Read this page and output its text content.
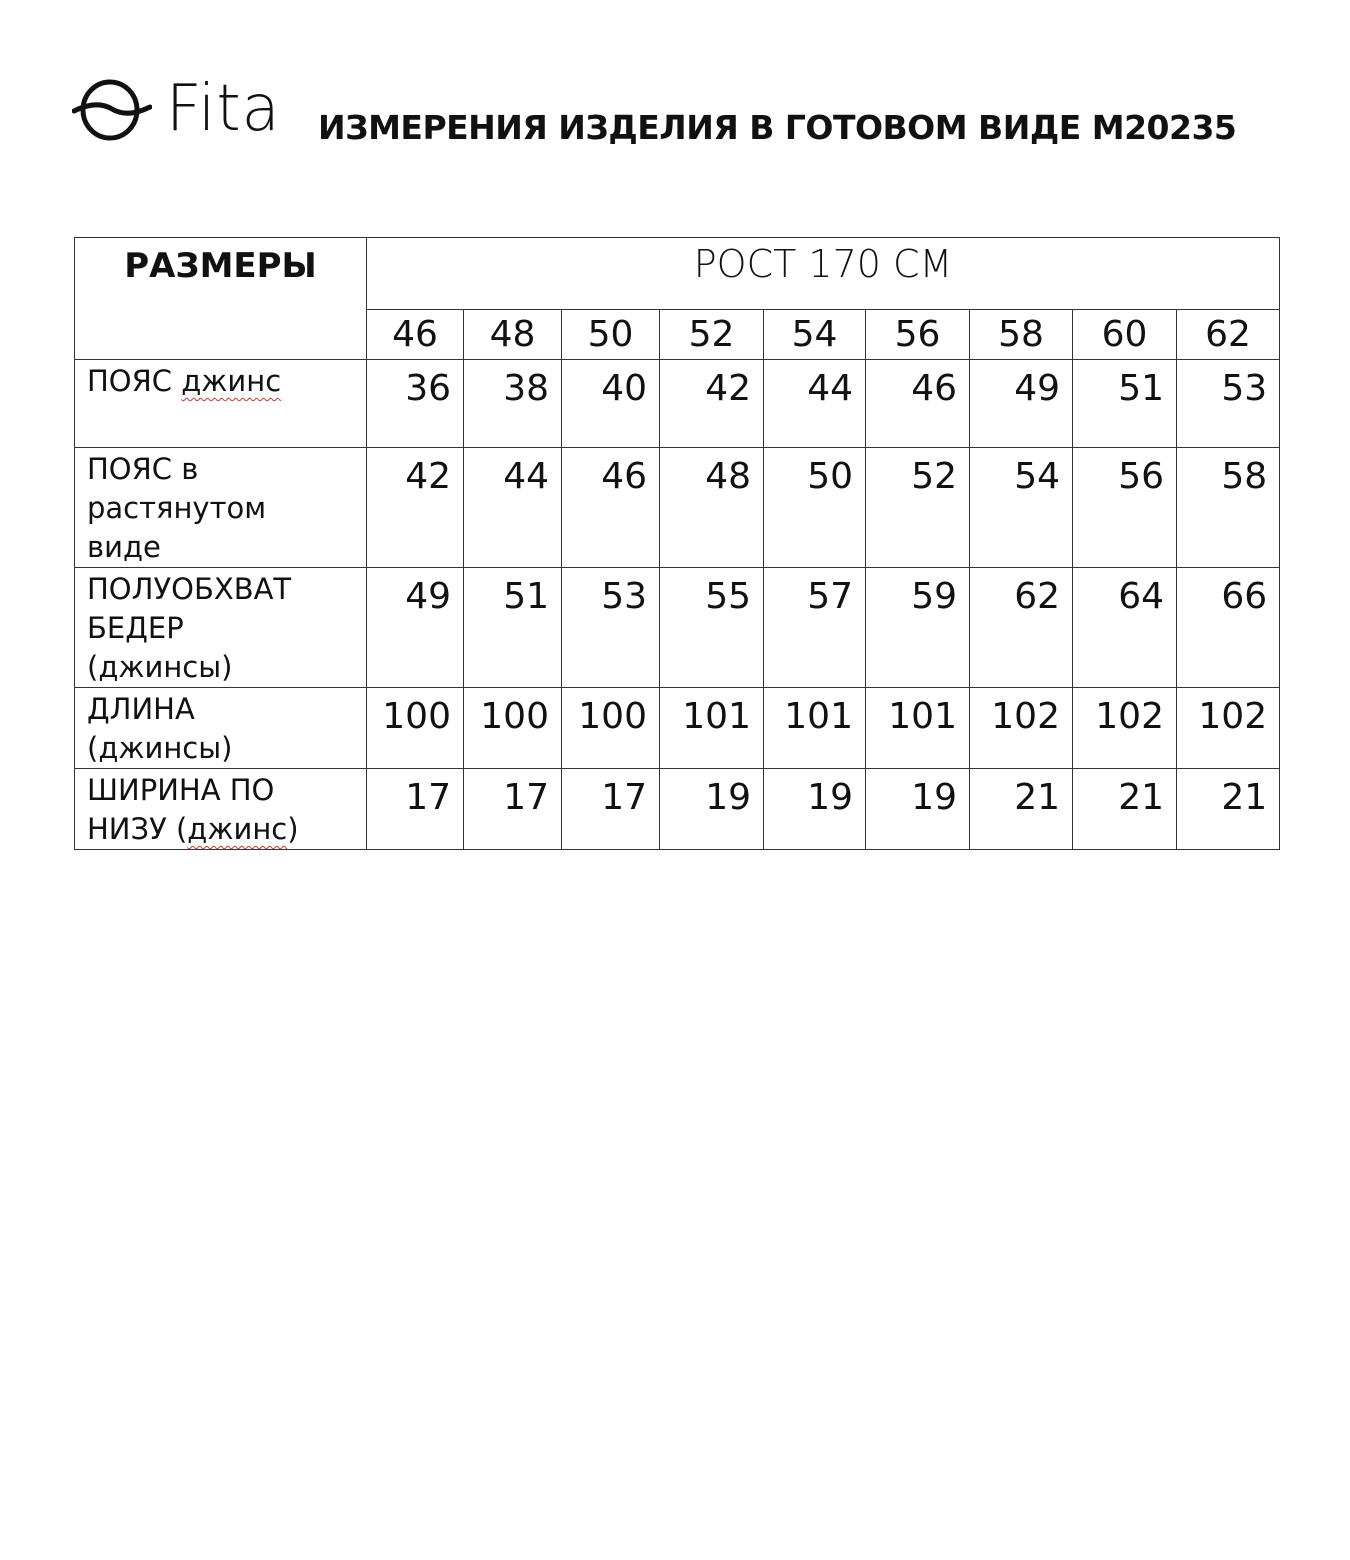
Fita ИЗМЕРЕНИЯ ИЗДЕЛИЯ В ГОТОВОМ ВИДЕ М20235
РАЗМЕРЫ	РОСТ 170 СМ								
	46	48	50	52	54	56	58	60	62
ПОЯС джинс	36	38	40	42	44	46	49	51	53

ПОЯС в
растянутом
виде	42	44	46	48	50	52	54	56	58

ПОЛУОБХВАТ
БЕДЕР
(джинсы)	49	51	53	55	57	59	62	64	66

ДЛИНА
(джинсы)	100	100	100	101	101	101	102	102	102

ШИРИНА ПО
НИЗУ (джинс)	17	17	17	19	19	19	21	21	21
